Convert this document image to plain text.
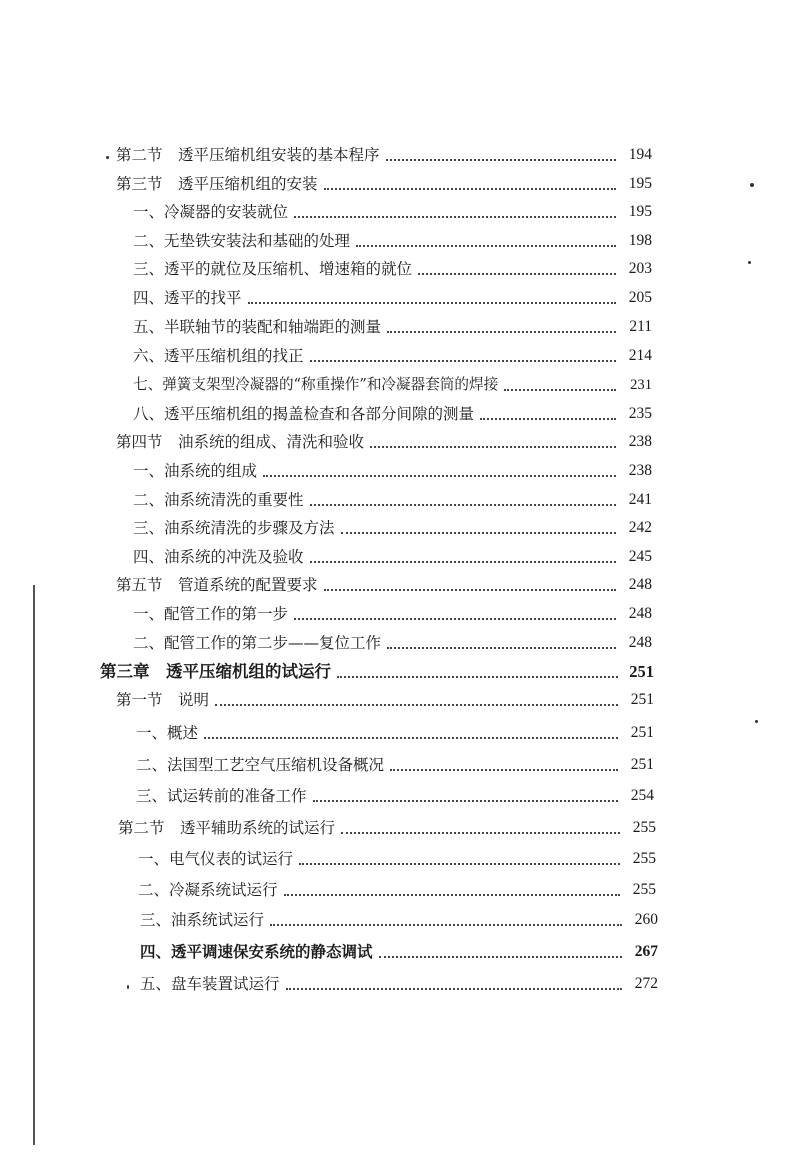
第二节　透平压缩机组安装的基本程序	194
第三节　透平压缩机组的安装	195
一、冷凝器的安装就位	195
二、无垫铁安装法和基础的处理	198
三、透平的就位及压缩机、增速箱的就位	203
四、透平的找平	205
五、半联轴节的装配和轴端距的测量	211
六、透平压缩机组的找正	214
七、弹簧支架型冷凝器的“称重操作”和冷凝器套筒的焊接	231
八、透平压缩机组的揭盖检查和各部分间隙的测量	235
第四节　油系统的组成、清洗和验收	238
一、油系统的组成	238
二、油系统清洗的重要性	241
三、油系统清洗的步骤及方法	242
四、油系统的冲洗及验收	245
第五节　管道系统的配置要求	248
一、配管工作的第一步	248
二、配管工作的第二步——复位工作	248
第三章　透平压缩机组的试运行	251
第一节　说明	251
一、概述	251
二、法国型工艺空气压缩机设备概况	251
三、试运转前的准备工作	254
第二节　透平辅助系统的试运行	255
一、电气仪表的试运行	255
二、冷凝系统试运行	255
三、油系统试运行	260
四、透平调速保安系统的静态调试	267
五、盘车装置试运行	272
